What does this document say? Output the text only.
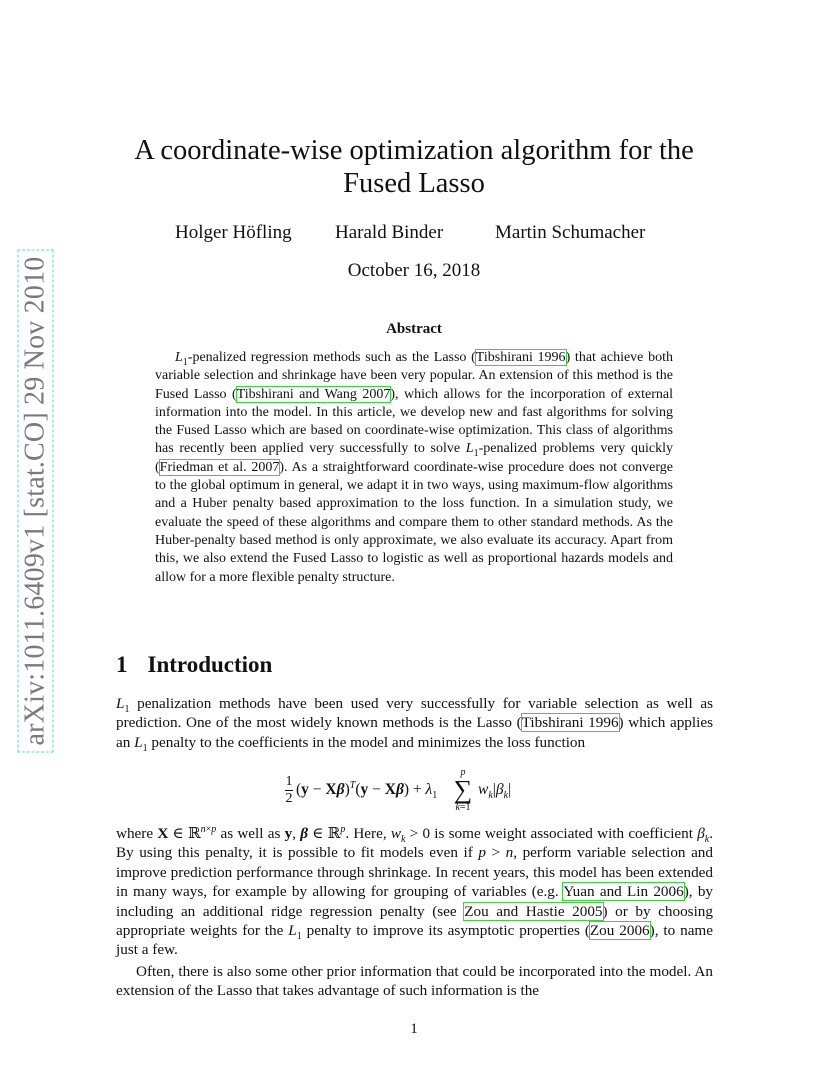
arXiv:1011.6409v1 [stat.CO] 29 Nov 2010
A coordinate-wise optimization algorithm for the
Fused Lasso
Holger Höfling Harald Binder	Martin Schumacher
October 16, 2018
Abstract

$L_1$-penalized regression methods such as the Lasso (Tibshirani 1996) that achieve both variable selection and shrinkage have been very popular. An extension of this method is the Fused Lasso (Tibshirani and Wang 2007), which allows for the incorporation of external information into the model. In this article, we develop new and fast algorithms for solving the Fused Lasso which are based on coordinate-wise optimization. This class of algorithms has recently been applied very successfully to solve $L_1$-penalized problems very quickly (Friedman et al. 2007). As a straightforward coordinate-wise procedure does not converge to the global optimum in general, we adapt it in two ways, using maximum-flow algorithms and a Huber penalty based approximation to the loss function. In a simulation study, we evaluate the speed of these algorithms and compare them to other standard methods. As the Huber-penalty based method is only approximate, we also evaluate its accuracy. Apart from this, we also extend the Fused Lasso to logistic as well as proportional hazards models and allow for a more flexible penalty structure.

1 Introduction

$L_1$ penalization methods have been used very successfully for variable selection as well as prediction. One of the most widely known methods is the Lasso (Tibshirani 1996) which applies an $L_1$ penalty to the coefficients in the model and minimizes the loss function

1
2
$(y - X\beta)^T(y - X\beta) + \lambda_1$
p
∑
k=1
$w_k|\beta_k|$

where X ∈ ℝ$^{n\times p}$ as well as y, β ∈ ℝ$^p$. Here, $w_k > 0$ is some weight associated with coefficient $\beta_k$. By using this penalty, it is possible to fit models even if p > n, perform variable selection and improve prediction performance through shrinkage. In recent years, this model has been extended in many ways, for example by allowing for grouping of variables (e.g. Yuan and Lin 2006), by including an additional ridge regression penalty (see Zou and Hastie 2005) or by choosing appropriate weights for the $L_1$ penalty to improve its asymptotic properties (Zou 2006), to name just a few.

Often, there is also some other prior information that could be incorporated into the model. An extension of the Lasso that takes advantage of such information is the

1
